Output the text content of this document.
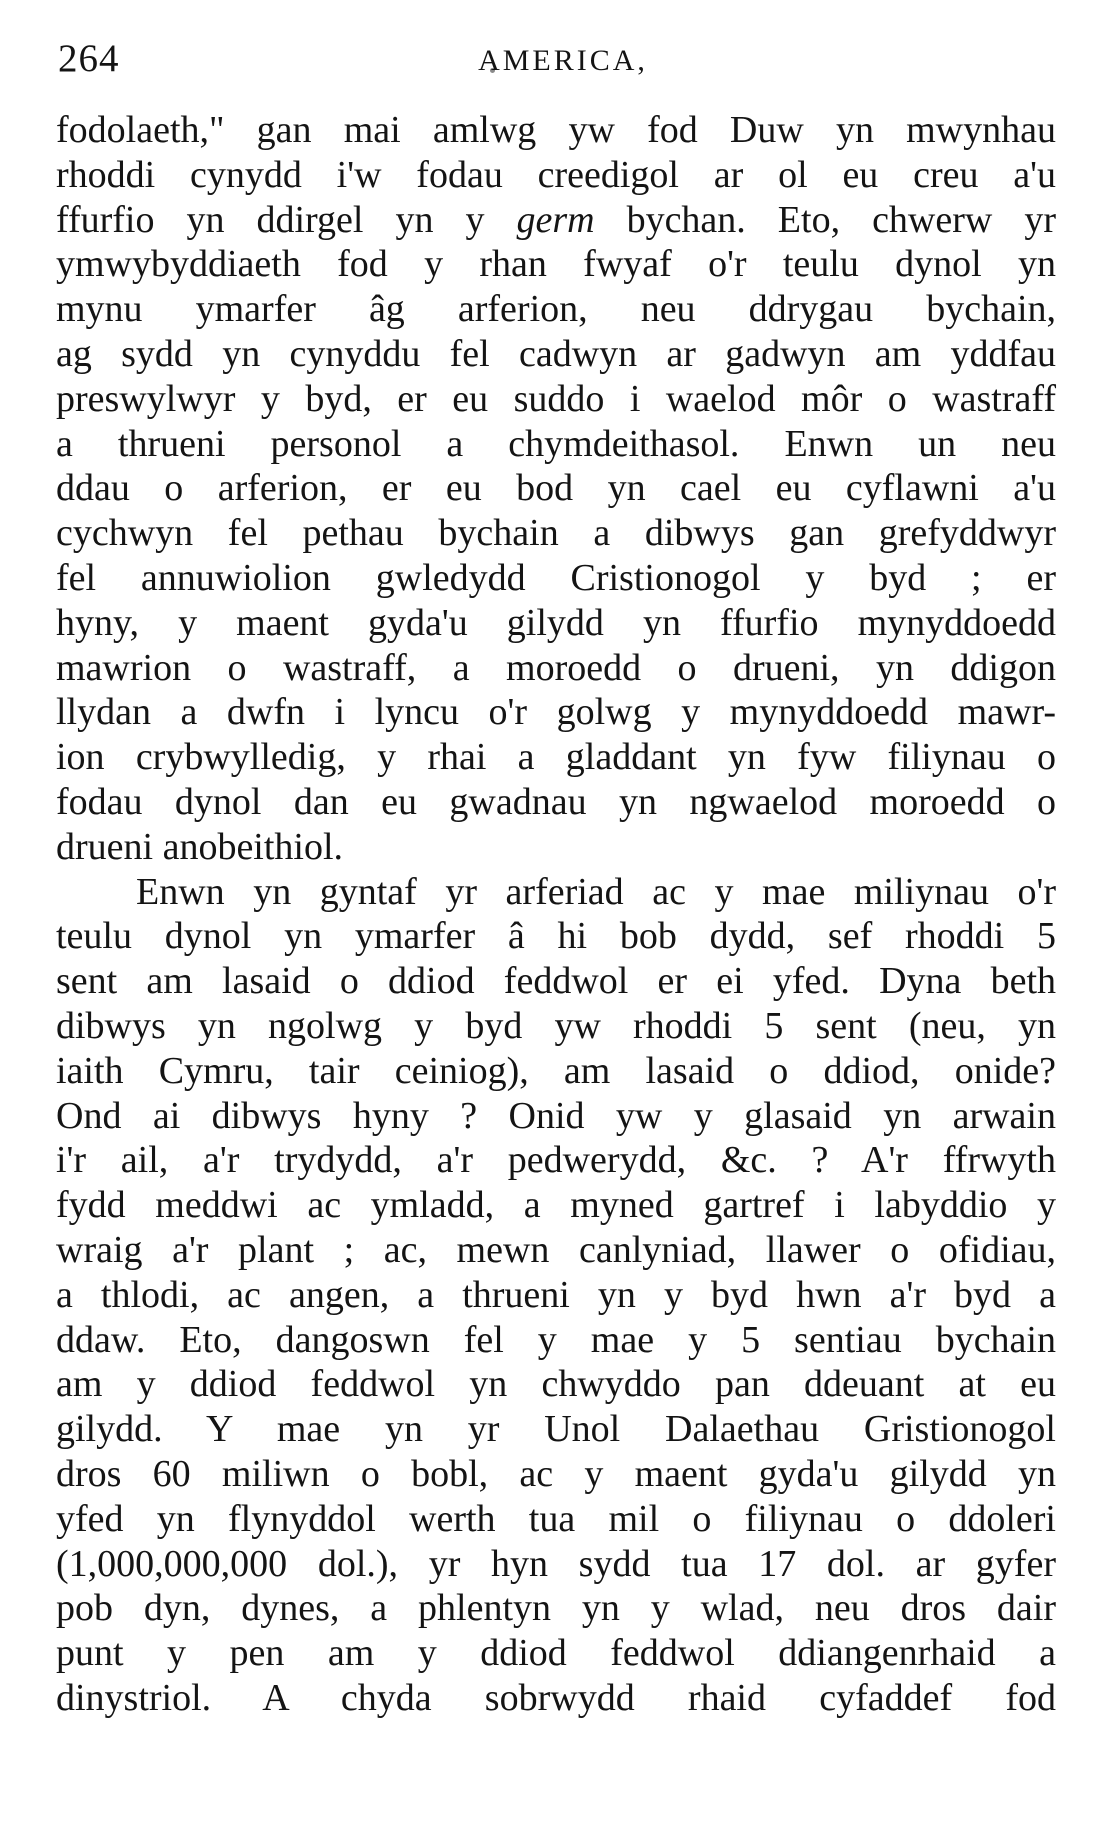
264	AMERICA,
fodolaeth," gan mai amlwg yw fod Duw yn mwynhau
rhoddi cynydd i'w fodau creedigol ar ol eu creu a'u
ffurfio yn ddirgel yn y germ bychan. Eto, chwerw yr
ymwybyddiaeth fod y rhan fwyaf o'r teulu dynol yn
mynu ymarfer âg arferion, neu ddrygau bychain,
ag sydd yn cynyddu fel cadwyn ar gadwyn am yddfau
preswylwyr y byd, er eu suddo i waelod môr o wastraff
a thrueni personol a chymdeithasol. Enwn un neu
ddau o arferion, er eu bod yn cael eu cyflawni a'u
cychwyn fel pethau bychain a dibwys gan grefyddwyr
fel annuwiolion gwledydd Cristionogol y byd ; er
hyny, y maent gyda'u gilydd yn ffurfio mynyddoedd
mawrion o wastraff, a moroedd o drueni, yn ddigon
llydan a dwfn i lyncu o'r golwg y mynyddoedd mawr-
ion crybwylledig, y rhai a gladdant yn fyw filiynau o
fodau dynol dan eu gwadnau yn ngwaelod moroedd o
drueni anobeithiol.
Enwn yn gyntaf yr arferiad ac y mae miliynau o'r
teulu dynol yn ymarfer â hi bob dydd, sef rhoddi 5
sent am lasaid o ddiod feddwol er ei yfed. Dyna beth
dibwys yn ngolwg y byd yw rhoddi 5 sent (neu, yn
iaith Cymru, tair ceiniog), am lasaid o ddiod, onide?
Ond ai dibwys hyny ? Onid yw y glasaid yn arwain
i'r ail, a'r trydydd, a'r pedwerydd, &c. ? A'r ffrwyth
fydd meddwi ac ymladd, a myned gartref i labyddio y
wraig a'r plant ; ac, mewn canlyniad, llawer o ofidiau,
a thlodi, ac angen, a thrueni yn y byd hwn a'r byd a
ddaw. Eto, dangoswn fel y mae y 5 sentiau bychain
am y ddiod feddwol yn chwyddo pan ddeuant at eu
gilydd. Y mae yn yr Unol Dalaethau Gristionogol
dros 60 miliwn o bobl, ac y maent gyda'u gilydd yn
yfed yn flynyddol werth tua mil o filiynau o ddoleri
(1,000,000,000 dol.), yr hyn sydd tua 17 dol. ar gyfer
pob dyn, dynes, a phlentyn yn y wlad, neu dros dair
punt y pen am y ddiod feddwol ddiangenrhaid a
dinystriol. A chyda sobrwydd rhaid cyfaddef fod
